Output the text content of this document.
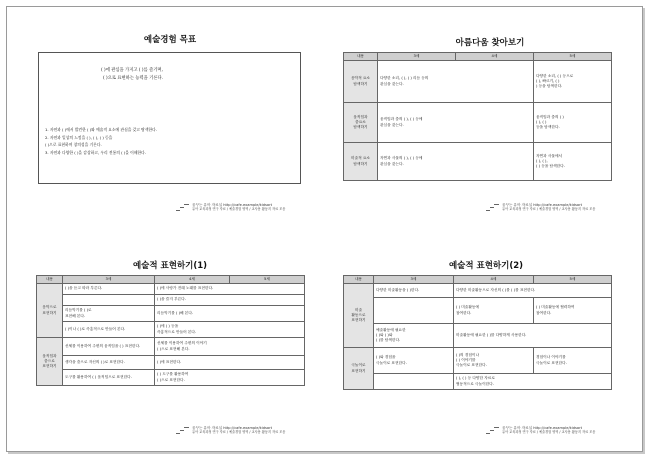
예술경험 목표
( )에 관심을 가지고 ( )를 즐기며,
( )으로 표현하는 능력을 기른다.
1. 자연과 ( )에서 발견한 ( )와 예술적 요소에 관심을 갖고 탐색한다.
2. 자연과 일상의 느낌을 ( ), ( ), ( ) 등을
( )으로 표현하며 창의성을 기른다.
3. 자연과 다양한 ( )을 감상하고, 우리 전통의 ( )을 이해한다.
꿈꾸는 유아 자료실 http://cafe.example/kidsart
유아 교육과정 연구 자료 / 예술경험 영역 / 교사용 활동지 자료 모음
아름다움 찾아보기
내용	3세	4세	5세
음악적 요소
탐색하기	다양한 소리, ( ), ( ) 리듬 등의
관심을 갖는다.		다양한 소리, ( ) 등으로
( ), 빠르기, ( )
) 등을 탐색한다.
움직임과
춤요소
탐색하기	움직임과 춤의 ( ), ( ) 등에
관심을 갖는다.		움직임과 춤의 ( )
( ), ( )
등을 탐색한다.
미술적 요소
탐색하기	자연과 사물의 ( ), ( ) 등에
관심을 갖는다.		자연과 사물에서
( ), ( ),
( ) 등을 탐색한다.
꿈꾸는 유아 자료실 http://cafe.example/kidsart
유아 교육과정 연구 자료 / 예술경험 영역 / 교사용 활동지 자료 모음
예술적 표현하기(1)
내용	3세	4세	5세
음악으로
표현하기	( )을 듣고 따라 부른다.	( )에 사랑가 전래 노래를 표현한다.	
		( )을 즐겨 부른다.	
	리듬악기를 ( )로
표현해 본다.	리듬악기를 ( )해 본다.	
	( )이나 ( )로 즉흥적으로 만들어 본다.	( )에 ( ) 등을
즉흥적으로 만들어 본다.	
움직임과
춤으로
표현하기	신체를 이용하여 주변의 움직임을 ( ) 표현한다.	신체를 이용하여 주변의 이야기
( )으로 표현해 본다.	
	생각을 춤으로 자신의 ( )로 표현한다.	( )에 표현한다.	
	도구를 활용하여 ( ) 움직임으로 표현한다.	( ) 도구를 활용하여
( )으로 표현한다.	
꿈꾸는 유아 자료실 http://cafe.example/kidsart
유아 교육과정 연구 자료 / 예술경험 영역 / 교사용 활동지 자료 모음
예술적 표현하기(2)
내용	3세	4세	5세
미술
활동으로
표현하기	다양한 미술활동을 ( )한다.	다양한 미술활동으로 자신의 ( )를 ( )를 표현한다.	
		( ) 미술활동에
참여한다.	( ) 미술활동에 협력하여
참여한다.
	예술활동에 필요한
( )와 ( )와
( )를 탐색한다.	미술활동에 필요한 ( )를 다양하게 사용한다.	
극놀이로
표현하기	( )와 경험을
극놀이로 표현한다.	( )의 경험이나
( ) 이야기를
극놀이로 표현한다.	경험이나 이야기를
극놀이로 표현한다.
		( ), ( ) 등 다양한 자료로
협동적으로 극놀이한다.	
꿈꾸는 유아 자료실 http://cafe.example/kidsart
유아 교육과정 연구 자료 / 예술경험 영역 / 교사용 활동지 자료 모음
